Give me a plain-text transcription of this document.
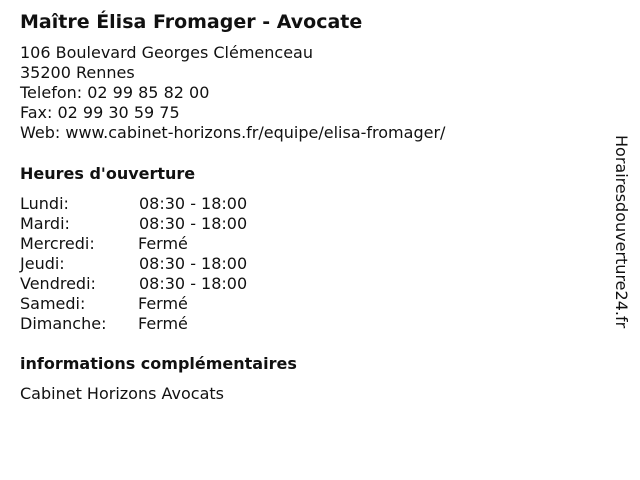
Maître Élisa Fromager - Avocate
106 Boulevard Georges Clémenceau
35200 Rennes
Telefon: 02 99 85 82 00
Fax: 02 99 30 59 75
Web: www.cabinet-horizons.fr/equipe/elisa-fromager/
Heures d'ouverture
Lundi:	08:30 - 18:00
Mardi:	08:30 - 18:00
Mercredi:	Fermé
Jeudi:	08:30 - 18:00
Vendredi:	08:30 - 18:00
Samedi:	Fermé
Dimanche: Fermé
informations complémentaires
Cabinet Horizons Avocats
Horairesdouverture24.fr
